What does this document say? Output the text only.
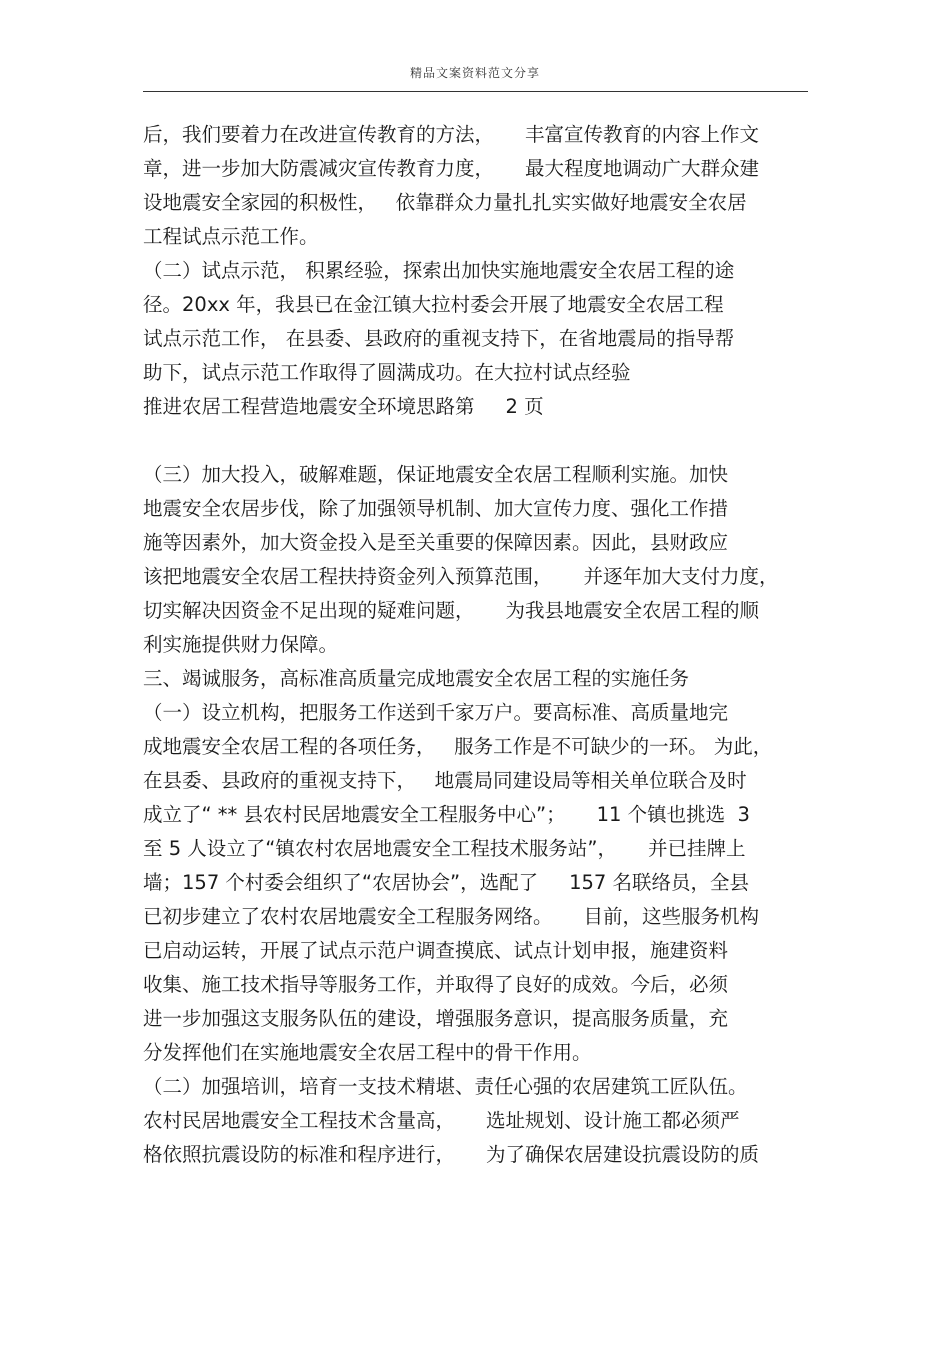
精品文案资料范文分享
后，我们要着力在改进宣传教育的方法，     丰富宣传教育的内容上作文
章，进一步加大防震减灾宣传教育力度，     最大程度地调动广大群众建
设地震安全家园的积极性，   依靠群众力量扎扎实实做好地震安全农居
工程试点示范工作。
（二）试点示范， 积累经验，探索出加快实施地震安全农居工程的途
径。20xx 年，我县已在金江镇大拉村委会开展了地震安全农居工程
试点示范工作， 在县委、县政府的重视支持下，在省地震局的指导帮
助下，试点示范工作取得了圆满成功。在大拉村试点经验
推进农居工程营造地震安全环境思路第     2 页
（三）加大投入，破解难题，保证地震安全农居工程顺利实施。加快
地震安全农居步伐，除了加强领导机制、加大宣传力度、强化工作措
施等因素外，加大资金投入是至关重要的保障因素。因此，县财政应
该把地震安全农居工程扶持资金列入预算范围，     并逐年加大支付力度，
切实解决因资金不足出现的疑难问题，     为我县地震安全农居工程的顺
利实施提供财力保障。
三、竭诚服务，高标准高质量完成地震安全农居工程的实施任务
（一）设立机构，把服务工作送到千家万户。要高标准、高质量地完
成地震安全农居工程的各项任务，   服务工作是不可缺少的一环。 为此，
在县委、县政府的重视支持下，   地震局同建设局等相关单位联合及时
成立了“ ** 县农村民居地震安全工程服务中心”；     11 个镇也挑选  3
至 5 人设立了“镇农村农居地震安全工程技术服务站”，     并已挂牌上
墙；157 个村委会组织了“农居协会”，选配了     157 名联络员，全县
已初步建立了农村农居地震安全工程服务网络。     目前，这些服务机构
已启动运转，开展了试点示范户调查摸底、试点计划申报，施建资料
收集、施工技术指导等服务工作，并取得了良好的成效。今后，必须
进一步加强这支服务队伍的建设，增强服务意识，提高服务质量，充
分发挥他们在实施地震安全农居工程中的骨干作用。
（二）加强培训，培育一支技术精堪、责任心强的农居建筑工匠队伍。
农村民居地震安全工程技术含量高，     选址规划、设计施工都必须严
格依照抗震设防的标准和程序进行，     为了确保农居建设抗震设防的质
